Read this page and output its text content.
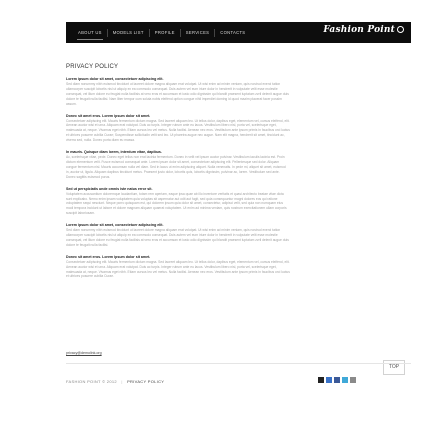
ABOUT US	MODELS LIST	PROFILE	SERVICES	CONTACTS	Fashion Point
PRIVACY POLICY
Lorem ipsum dolor sit amet, consectetuer adipiscing elit.
Sed diam nonummy nibh euismod tincidunt ut laoreet dolore magna aliquam erat volutpat. Ut wisi enim ad minim veniam, quis nostrud exerci tation ullamcorper suscipit lobortis nisl ut aliquip ex ea commodo consequat. Duis autem vel eum iriure dolor in hendrerit in vulputate velit esse molestie consequat, vel illum dolore eu feugiat nulla facilisis at vero eros et accumsan et iusto odio dignissim qui blandit praesent luptatum zzril delenit augue duis dolore te feugait nulla facilisi. Nam liber tempor cum soluta nobis eleifend option congue nihil imperdiet doming id quod mazim placerat facer possim assum.
Donec sit amet eros. Lorem ipsum dolor sit amet.
Consectetuer adipiscing elit. Mauris fermentum dictum magna. Sed laoreet aliquam leo. Ut tellus dolor, dapibus eget, elementum vel, cursus eleifend, elit. Aenean auctor wisi et urna. Aliquam erat volutpat. Duis ac turpis. Integer rutrum ante eu lacus. Vestibulum libero nisl, porta vel, scelerisque eget, malesuada at, neque. Vivamus eget nibh. Etiam cursus leo vel metus. Nulla facilisi. Aenean nec eros. Vestibulum ante ipsum primis in faucibus orci luctus et ultrices posuere cubilia Curae; Suspendisse sollicitudin velit sed leo. Ut pharetra augue nec augue. Nam elit magna, hendrerit sit amet, tincidunt ac, viverra sed, nulla. Donec porta diam eu massa.
In mauris. Quisque diam lorem, interdum vitae, dapibus.
Ac, scelerisque vitae, pede. Donec eget tellus non erat lacinia fermentum. Donec in velit vel ipsum auctor pulvinar. Vestibulum iaculis lacinia est. Proin dictum elementum velit. Fusce euismod consequat ante. Lorem ipsum dolor sit amet, consectetuer adipiscing elit. Pellentesque sed dolor. Aliquam congue fermentum nisl. Mauris accumsan nulla vel diam. Sed in lacus ut enim adipiscing aliquet. Nulla venenatis. In pede mi, aliquet sit amet, euismod in, auctor ut, ligula. Aliquam dapibus tincidunt metus. Praesent justo dolor, lobortis quis, lobortis dignissim, pulvinar ac, lorem. Vestibulum sed ante. Donec sagittis euismod purus.
Sed ut perspiciatis unde omnis iste natus error sit.
Voluptatem accusantium doloremque laudantium, totam rem aperiam, eaque ipsa quae ab illo inventore veritatis et quasi architecto beatae vitae dicta sunt explicabo. Nemo enim ipsam voluptatem quia voluptas sit aspernatur aut odit aut fugit, sed quia consequuntur magni dolores eos qui ratione voluptatem sequi nesciunt. Neque porro quisquam est, qui dolorem ipsum quia dolor sit amet, consectetur, adipisci velit, sed quia non numquam eius modi tempora incidunt ut labore et dolore magnam aliquam quaerat voluptatem. Ut enim ad minima veniam, quis nostrum exercitationem ullam corporis suscipit laboriosam.
Lorem ipsum dolor sit amet, consectetuer adipiscing elit.
Sed diam nonummy nibh euismod tincidunt ut laoreet dolore magna aliquam erat volutpat. Ut wisi enim ad minim veniam, quis nostrud exerci tation ullamcorper suscipit lobortis nisl ut aliquip ex ea commodo consequat. Duis autem vel eum iriure dolor in hendrerit in vulputate velit esse molestie consequat, vel illum dolore eu feugiat nulla facilisis at vero eros et accumsan et iusto odio dignissim qui blandit praesent luptatum zzril delenit augue duis dolore te feugait nulla facilisi.
Donec sit amet eros. Lorem ipsum dolor sit amet.
Consectetuer adipiscing elit. Mauris fermentum dictum magna. Sed laoreet aliquam leo. Ut tellus dolor, dapibus eget, elementum vel, cursus eleifend, elit. Aenean auctor wisi et urna. Aliquam erat volutpat. Duis ac turpis. Integer rutrum ante eu lacus. Vestibulum libero nisl, porta vel, scelerisque eget, malesuada at, neque. Vivamus eget nibh. Etiam cursus leo vel metus. Nulla facilisi. Aenean nec eros. Vestibulum ante ipsum primis in faucibus orci luctus et ultrices posuere cubilia Curae.
privacy@demolink.org
TOP
FASHION POINT © 2012 | PRIVACY POLICY
